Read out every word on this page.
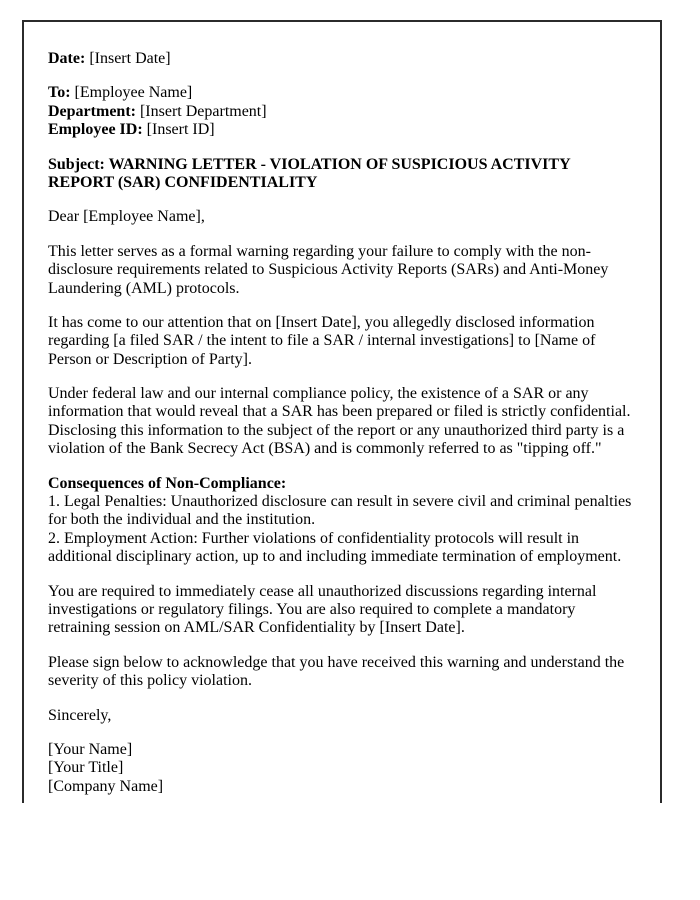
Date: [Insert Date]

To: [Employee Name]
Department: [Insert Department]
Employee ID: [Insert ID]

Subject: WARNING LETTER - VIOLATION OF SUSPICIOUS ACTIVITY REPORT (SAR) CONFIDENTIALITY

Dear [Employee Name],

This letter serves as a formal warning regarding your failure to comply with the non-disclosure requirements related to Suspicious Activity Reports (SARs) and Anti-Money Laundering (AML) protocols.

It has come to our attention that on [Insert Date], you allegedly disclosed information regarding [a filed SAR / the intent to file a SAR / internal investigations] to [Name of Person or Description of Party].

Under federal law and our internal compliance policy, the existence of a SAR or any information that would reveal that a SAR has been prepared or filed is strictly confidential. Disclosing this information to the subject of the report or any unauthorized third party is a violation of the Bank Secrecy Act (BSA) and is commonly referred to as "tipping off."

Consequences of Non-Compliance:
1. Legal Penalties: Unauthorized disclosure can result in severe civil and criminal penalties for both the individual and the institution.
2. Employment Action: Further violations of confidentiality protocols will result in additional disciplinary action, up to and including immediate termination of employment.

You are required to immediately cease all unauthorized discussions regarding internal investigations or regulatory filings. You are also required to complete a mandatory retraining session on AML/SAR Confidentiality by [Insert Date].

Please sign below to acknowledge that you have received this warning and understand the severity of this policy violation.

Sincerely,

[Your Name]
[Your Title]
[Company Name]
